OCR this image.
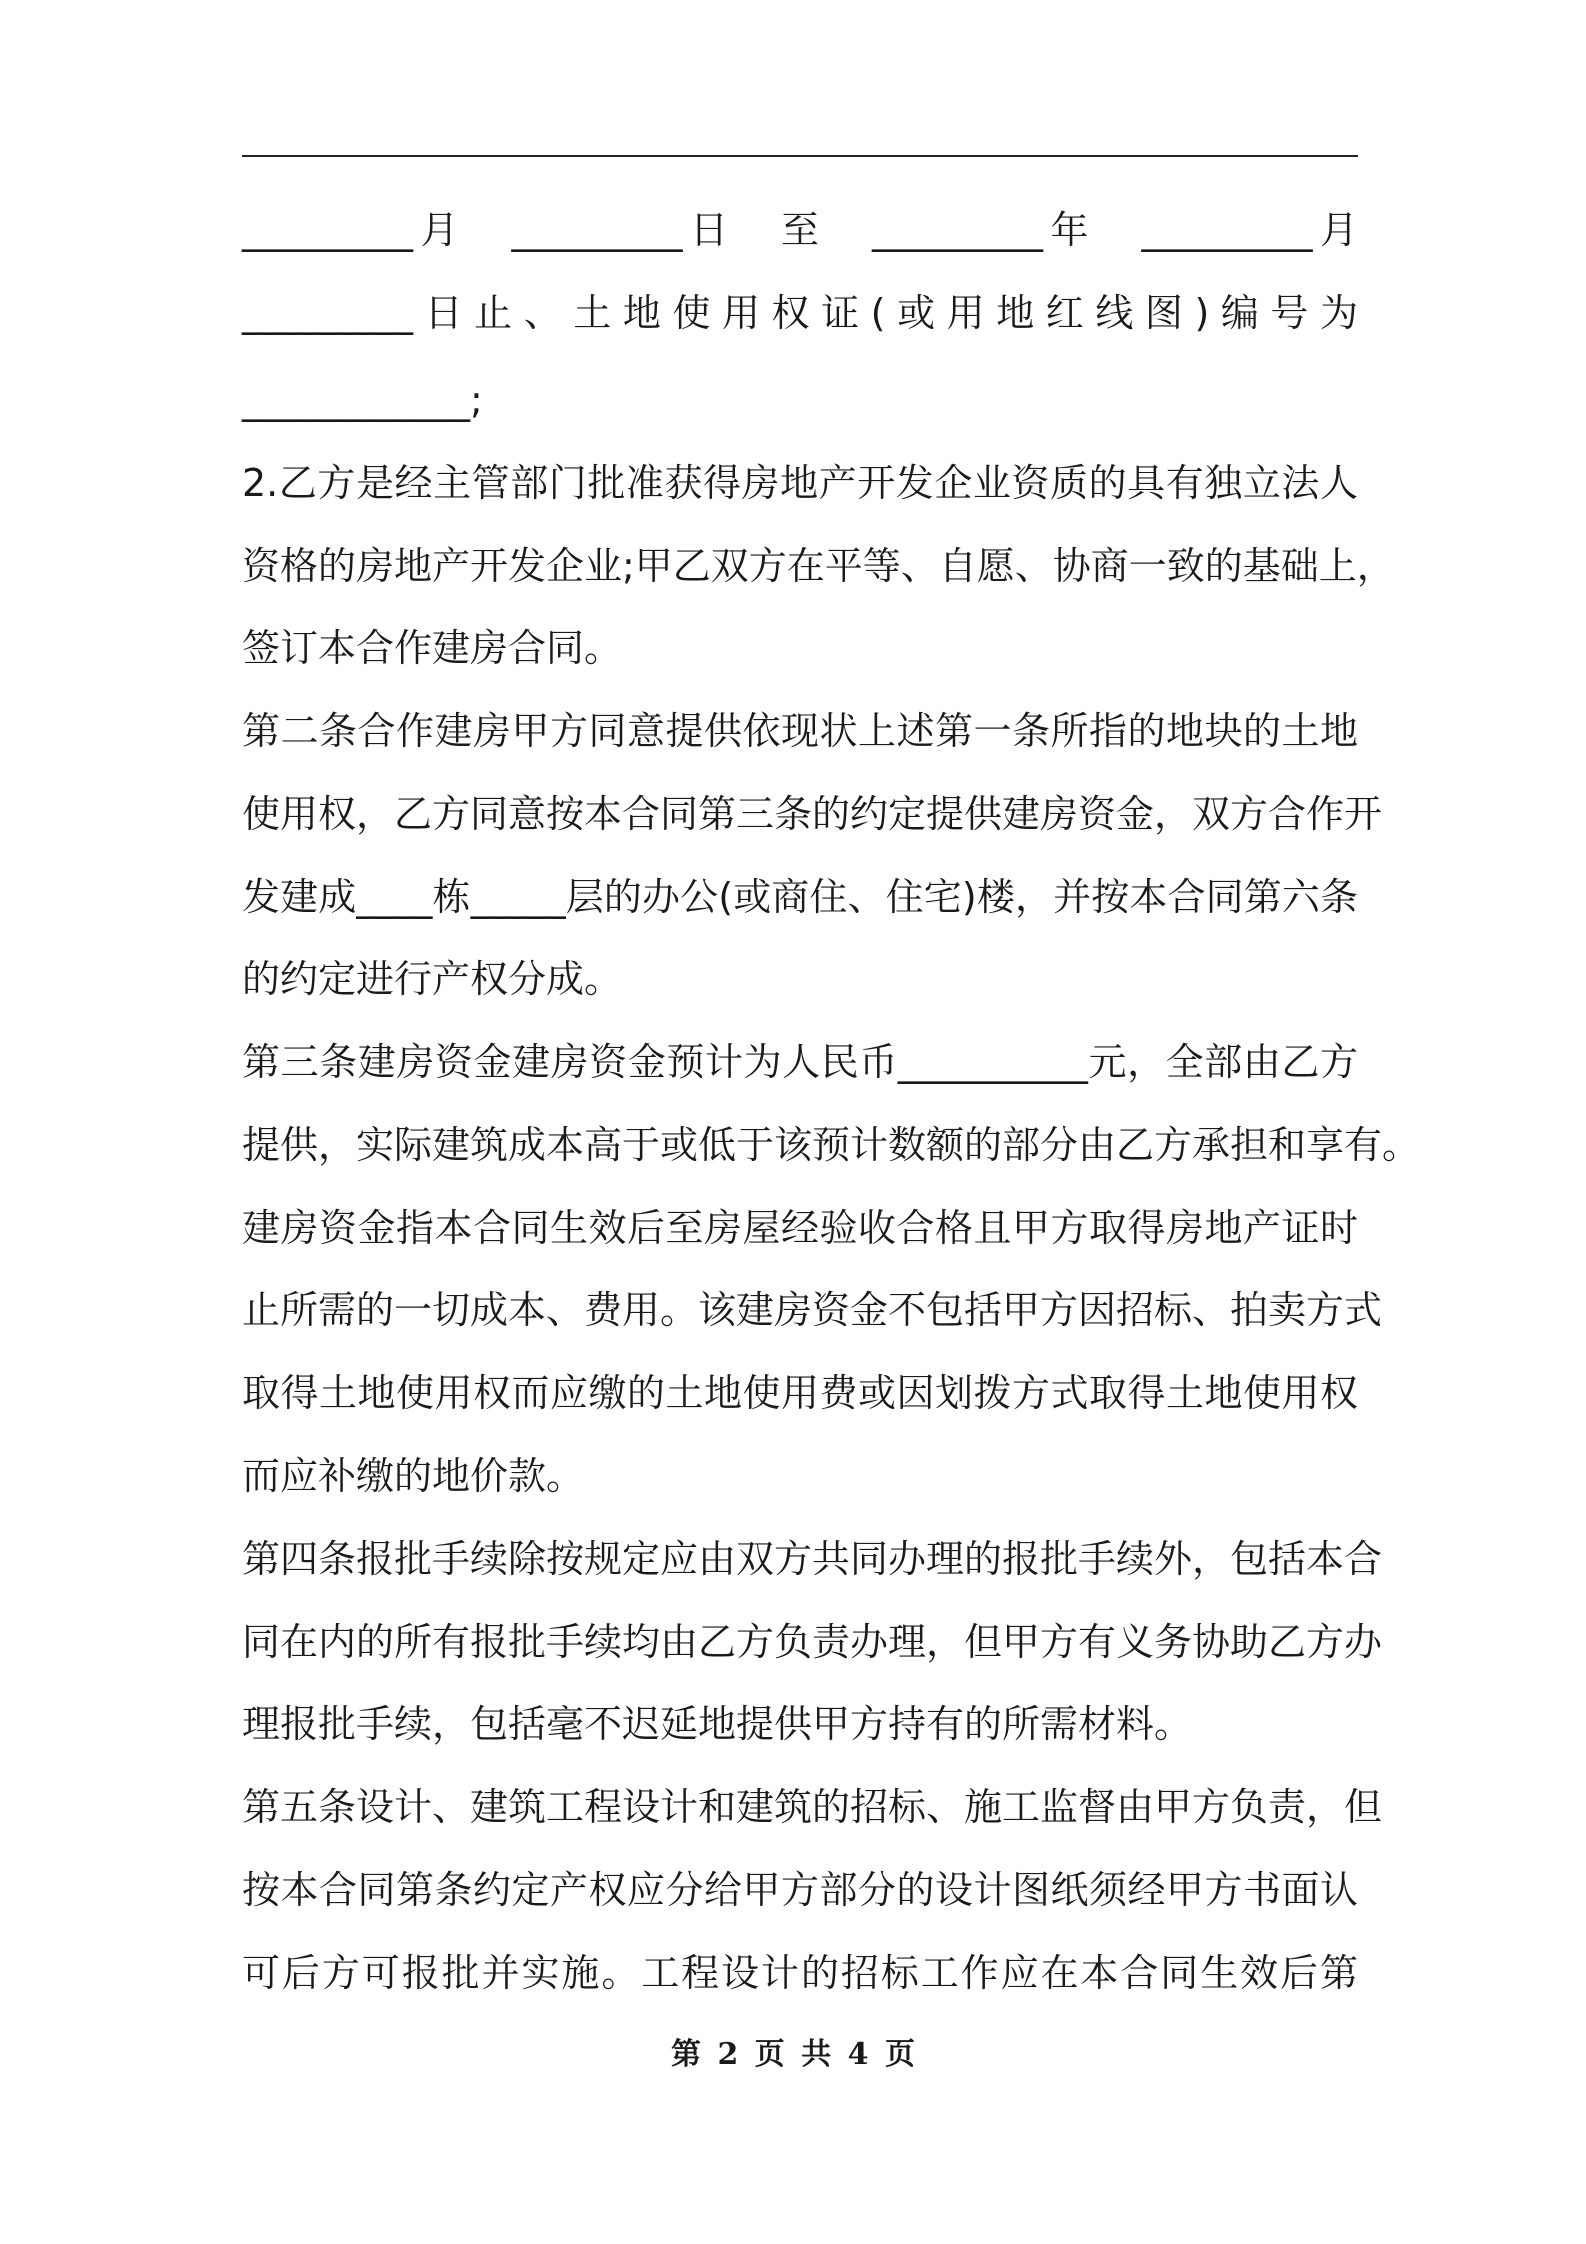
_________月　_________日　至　_________年　_________月
_________日止、土地使用权证(或用地红线图)编号为
____________;
2.乙方是经主管部门批准获得房地产开发企业资质的具有独立法人
资格的房地产开发企业;甲乙双方在平等、自愿、协商一致的基础上，
签订本合作建房合同。
第二条合作建房甲方同意提供依现状上述第一条所指的地块的土地
使用权，乙方同意按本合同第三条的约定提供建房资金，双方合作开
发建成____栋_____层的办公(或商住、住宅)楼，并按本合同第六条
的约定进行产权分成。
第三条建房资金建房资金预计为人民币__________元，全部由乙方
提供，实际建筑成本高于或低于该预计数额的部分由乙方承担和享有。
建房资金指本合同生效后至房屋经验收合格且甲方取得房地产证时
止所需的一切成本、费用。该建房资金不包括甲方因招标、拍卖方式
取得土地使用权而应缴的土地使用费或因划拨方式取得土地使用权
而应补缴的地价款。
第四条报批手续除按规定应由双方共同办理的报批手续外，包括本合
同在内的所有报批手续均由乙方负责办理，但甲方有义务协助乙方办
理报批手续，包括毫不迟延地提供甲方持有的所需材料。
第五条设计、建筑工程设计和建筑的招标、施工监督由甲方负责，但
按本合同第条约定产权应分给甲方部分的设计图纸须经甲方书面认
可后方可报批并实施。工程设计的招标工作应在本合同生效后第
第 2 页 共 4 页
